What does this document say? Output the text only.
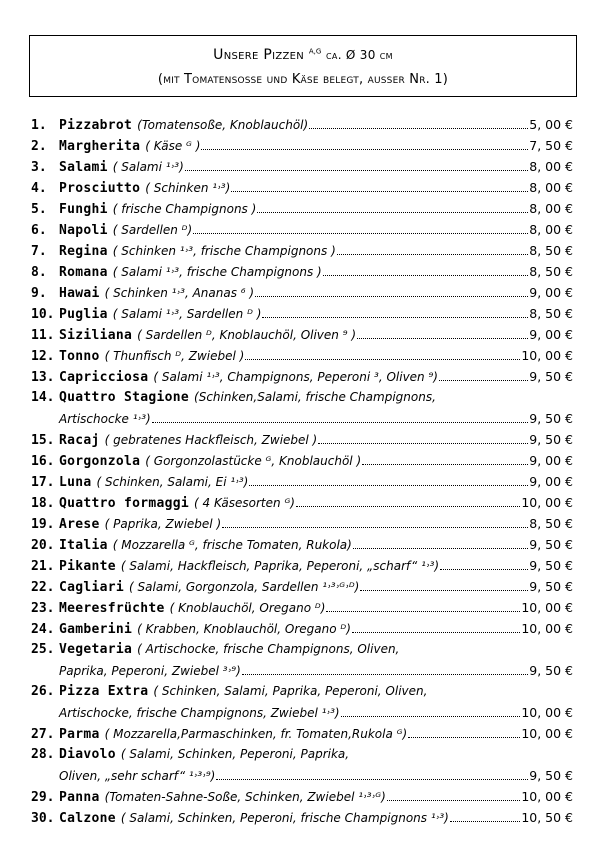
Unsere Pizzen $^{A,G}$ ca. Ø 30 cm
(mit Tomatensoße und Käse belegt, ausser Nr. 1)
1. Pizzabrot (Tomatensoße, Knoblauchöl)	5, 00 €
2. Margherita ( Käse ᴳ )	7, 50 €
3. Salami ( Salami ¹˒³)	8, 00 €
4. Prosciutto ( Schinken ¹˒³)	8, 00 €
5. Funghi ( frische Champignons )	8, 00 €
6. Napoli ( Sardellen ᴰ)	8, 00 €
7. Regina ( Schinken ¹˒³, frische Champignons )	8, 50 €
8. Romana ( Salami ¹˒³, frische Champignons )	8, 50 €
9. Hawai ( Schinken ¹˒³, Ananas ⁶ )	9, 00 €
10. Puglia ( Salami ¹˒³, Sardellen ᴰ )	8, 50 €
11. Siziliana ( Sardellen ᴰ, Knoblauchöl, Oliven ⁹ )	9, 00 €
12. Tonno ( Thunfisch ᴰ, Zwiebel )	10, 00 €
13. Capricciosa ( Salami ¹˒³, Champignons, Peperoni ³, Oliven ⁹)	9, 50 €
14. Quattro Stagione (Schinken,Salami, frische Champignons,
Artischocke ¹˒³)	9, 50 €
15. Racaj ( gebratenes Hackfleisch, Zwiebel )	9, 50 €
16. Gorgonzola ( Gorgonzolastücke ᴳ, Knoblauchöl )	9, 00 €
17. Luna ( Schinken, Salami, Ei ¹˒³)	9, 00 €
18. Quattro formaggi ( 4 Käsesorten ᴳ)	10, 00 €
19. Arese ( Paprika, Zwiebel )	8, 50 €
20. Italia ( Mozzarella ᴳ, frische Tomaten, Rukola)	9, 50 €
21. Pikante ( Salami, Hackfleisch, Paprika, Peperoni, „scharf“ ¹˒³)	9, 50 €
22. Cagliari ( Salami, Gorgonzola, Sardellen ¹˒³˒ᴳ˒ᴰ)	9, 50 €
23. Meeresfrüchte ( Knoblauchöl, Oregano ᴰ)	10, 00 €
24. Gamberini ( Krabben, Knoblauchöl, Oregano ᴰ)	10, 00 €
25. Vegetaria ( Artischocke, frische Champignons, Oliven,
Paprika, Peperoni, Zwiebel ³˒⁹)	9, 50 €
26. Pizza Extra ( Schinken, Salami, Paprika, Peperoni, Oliven,
Artischocke, frische Champignons, Zwiebel ¹˒³)	10, 00 €
27. Parma ( Mozzarella,Parmaschinken, fr. Tomaten,Rukola ᴳ)	10, 00 €
28. Diavolo ( Salami, Schinken, Peperoni, Paprika,
Oliven, „sehr scharf“ ¹˒³˒⁹)	9, 50 €
29. Panna (Tomaten-Sahne-Soße, Schinken, Zwiebel ¹˒³˒ᴳ)	10, 00 €
30. Calzone ( Salami, Schinken, Peperoni, frische Champignons ¹˒³)	10, 50 €
